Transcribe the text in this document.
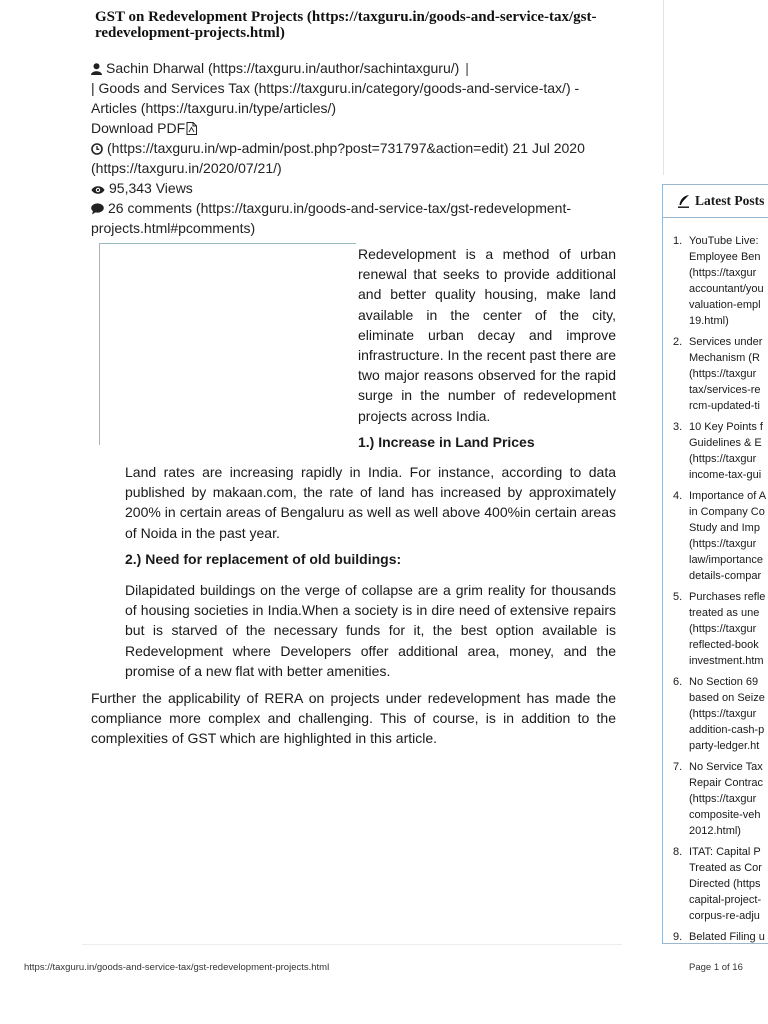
GST on Redevelopment Projects (https://taxguru.in/goods-and-service-tax/gst-redevelopment-projects.html)
Sachin Dharwal (https://taxguru.in/author/sachintaxguru/) |
| Goods and Services Tax (https://taxguru.in/category/goods-and-service-tax/) -
Articles (https://taxguru.in/type/articles/)
Download PDF
(https://taxguru.in/wp-admin/post.php?post=731797&action=edit) 21 Jul 2020
(https://taxguru.in/2020/07/21/)
95,343 Views
26 comments (https://taxguru.in/goods-and-service-tax/gst-redevelopment-
projects.html#pcomments)
Redevelopment is a method of urban renewal that seeks to provide additional and better quality housing, make land available in the center of the city, eliminate urban decay and improve infrastructure. In the recent past there are two major reasons observed for the rapid surge in the number of redevelopment projects across India.
1.) Increase in Land Prices
Land rates are increasing rapidly in India. For instance, according to data published by makaan.com, the rate of land has increased by approximately 200% in certain areas of Bengaluru as well as well above 400%in certain areas of Noida in the past year.
2.) Need for replacement of old buildings:
Dilapidated buildings on the verge of collapse are a grim reality for thousands of housing societies in India.When a society is in dire need of extensive repairs but is starved of the necessary funds for it, the best option available is Redevelopment where Developers offer additional area, money, and the promise of a new flat with better amenities.
Further the applicability of RERA on projects under redevelopment has made the compliance more complex and challenging. This of course, is in addition to the complexities of GST which are highlighted in this article.
Latest Posts
1. YouTube Live:
Employee Ben
(https://taxgur
accountant/you
valuation-empl
19.html)
2. Services under
Mechanism (R
(https://taxgur
tax/services-re
rcm-updated-ti
3. 10 Key Points f
Guidelines & E
(https://taxgur
income-tax-gui
4. Importance of A
in Company Co
Study and Imp
(https://taxgur
law/importance
details-compar
5. Purchases refle
treated as une
(https://taxgur
reflected-book
investment.htm
6. No Section 69
based on Seize
(https://taxgur
addition-cash-p
party-ledger.ht
7. No Service Tax
Repair Contrac
(https://taxgur
composite-veh
2012.html)
8. ITAT: Capital P
Treated as Cor
Directed (https
capital-project-
corpus-re-adju
9. Belated Filing u
https://taxguru.in/goods-and-service-tax/gst-redevelopment-projects.html	Page 1 of 16
